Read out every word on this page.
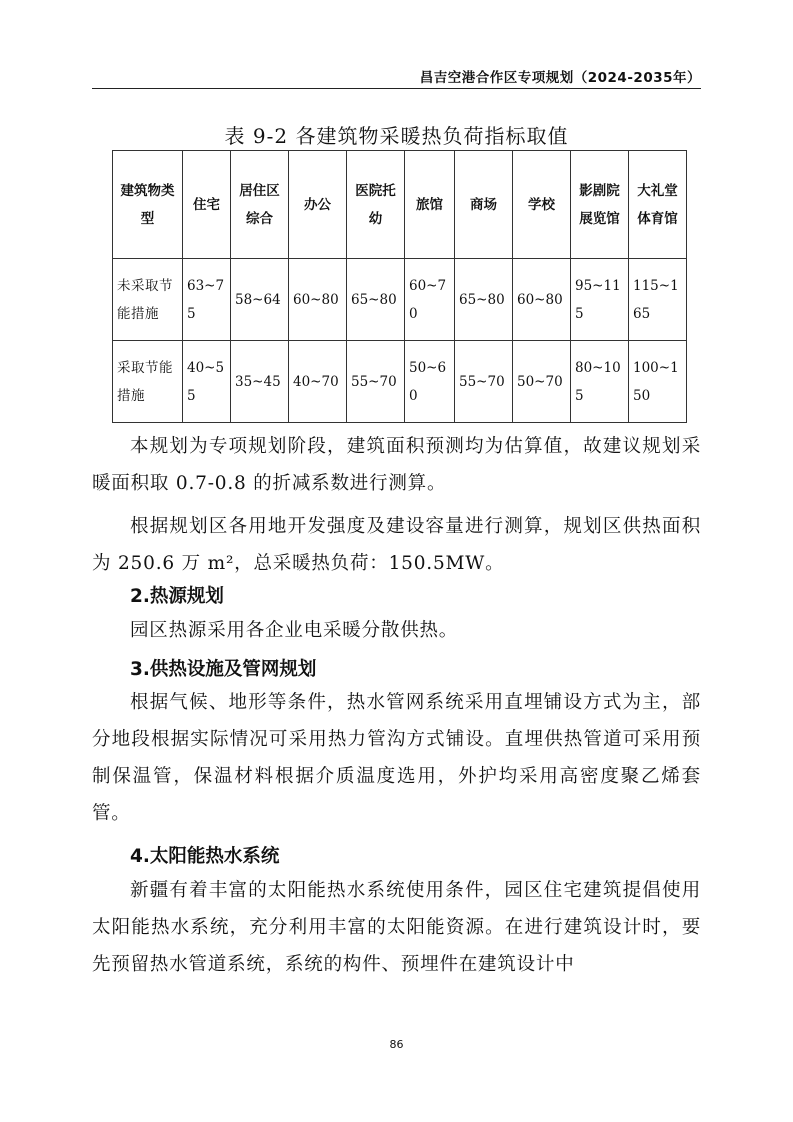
昌吉空港合作区专项规划（2024-2035年）
表 9-2 各建筑物采暖热负荷指标取值
建筑物类型	住宅	居住区综合	办公	医院托幼	旅馆	商场	学校	影剧院展览馆	大礼堂体育馆
未采取节能措施	63~75	58~64	60~80	65~80	60~70	65~80	60~80	95~115	115~165
采取节能措施	40~55	35~45	40~70	55~70	50~60	55~70	50~70	80~105	100~150
本规划为专项规划阶段，建筑面积预测均为估算值，故建议规划采暖面积取 0.7-0.8 的折减系数进行测算。
根据规划区各用地开发强度及建设容量进行测算，规划区供热面积为 250.6 万 m²，总采暖热负荷：150.5MW。
2.热源规划
园区热源采用各企业电采暖分散供热。
3.供热设施及管网规划
根据气候、地形等条件，热水管网系统采用直埋铺设方式为主，部分地段根据实际情况可采用热力管沟方式铺设。直埋供热管道可采用预制保温管，保温材料根据介质温度选用，外护均采用高密度聚乙烯套管。
4.太阳能热水系统
新疆有着丰富的太阳能热水系统使用条件，园区住宅建筑提倡使用太阳能热水系统，充分利用丰富的太阳能资源。在进行建筑设计时，要先预留热水管道系统，系统的构件、预埋件在建筑设计中
86
